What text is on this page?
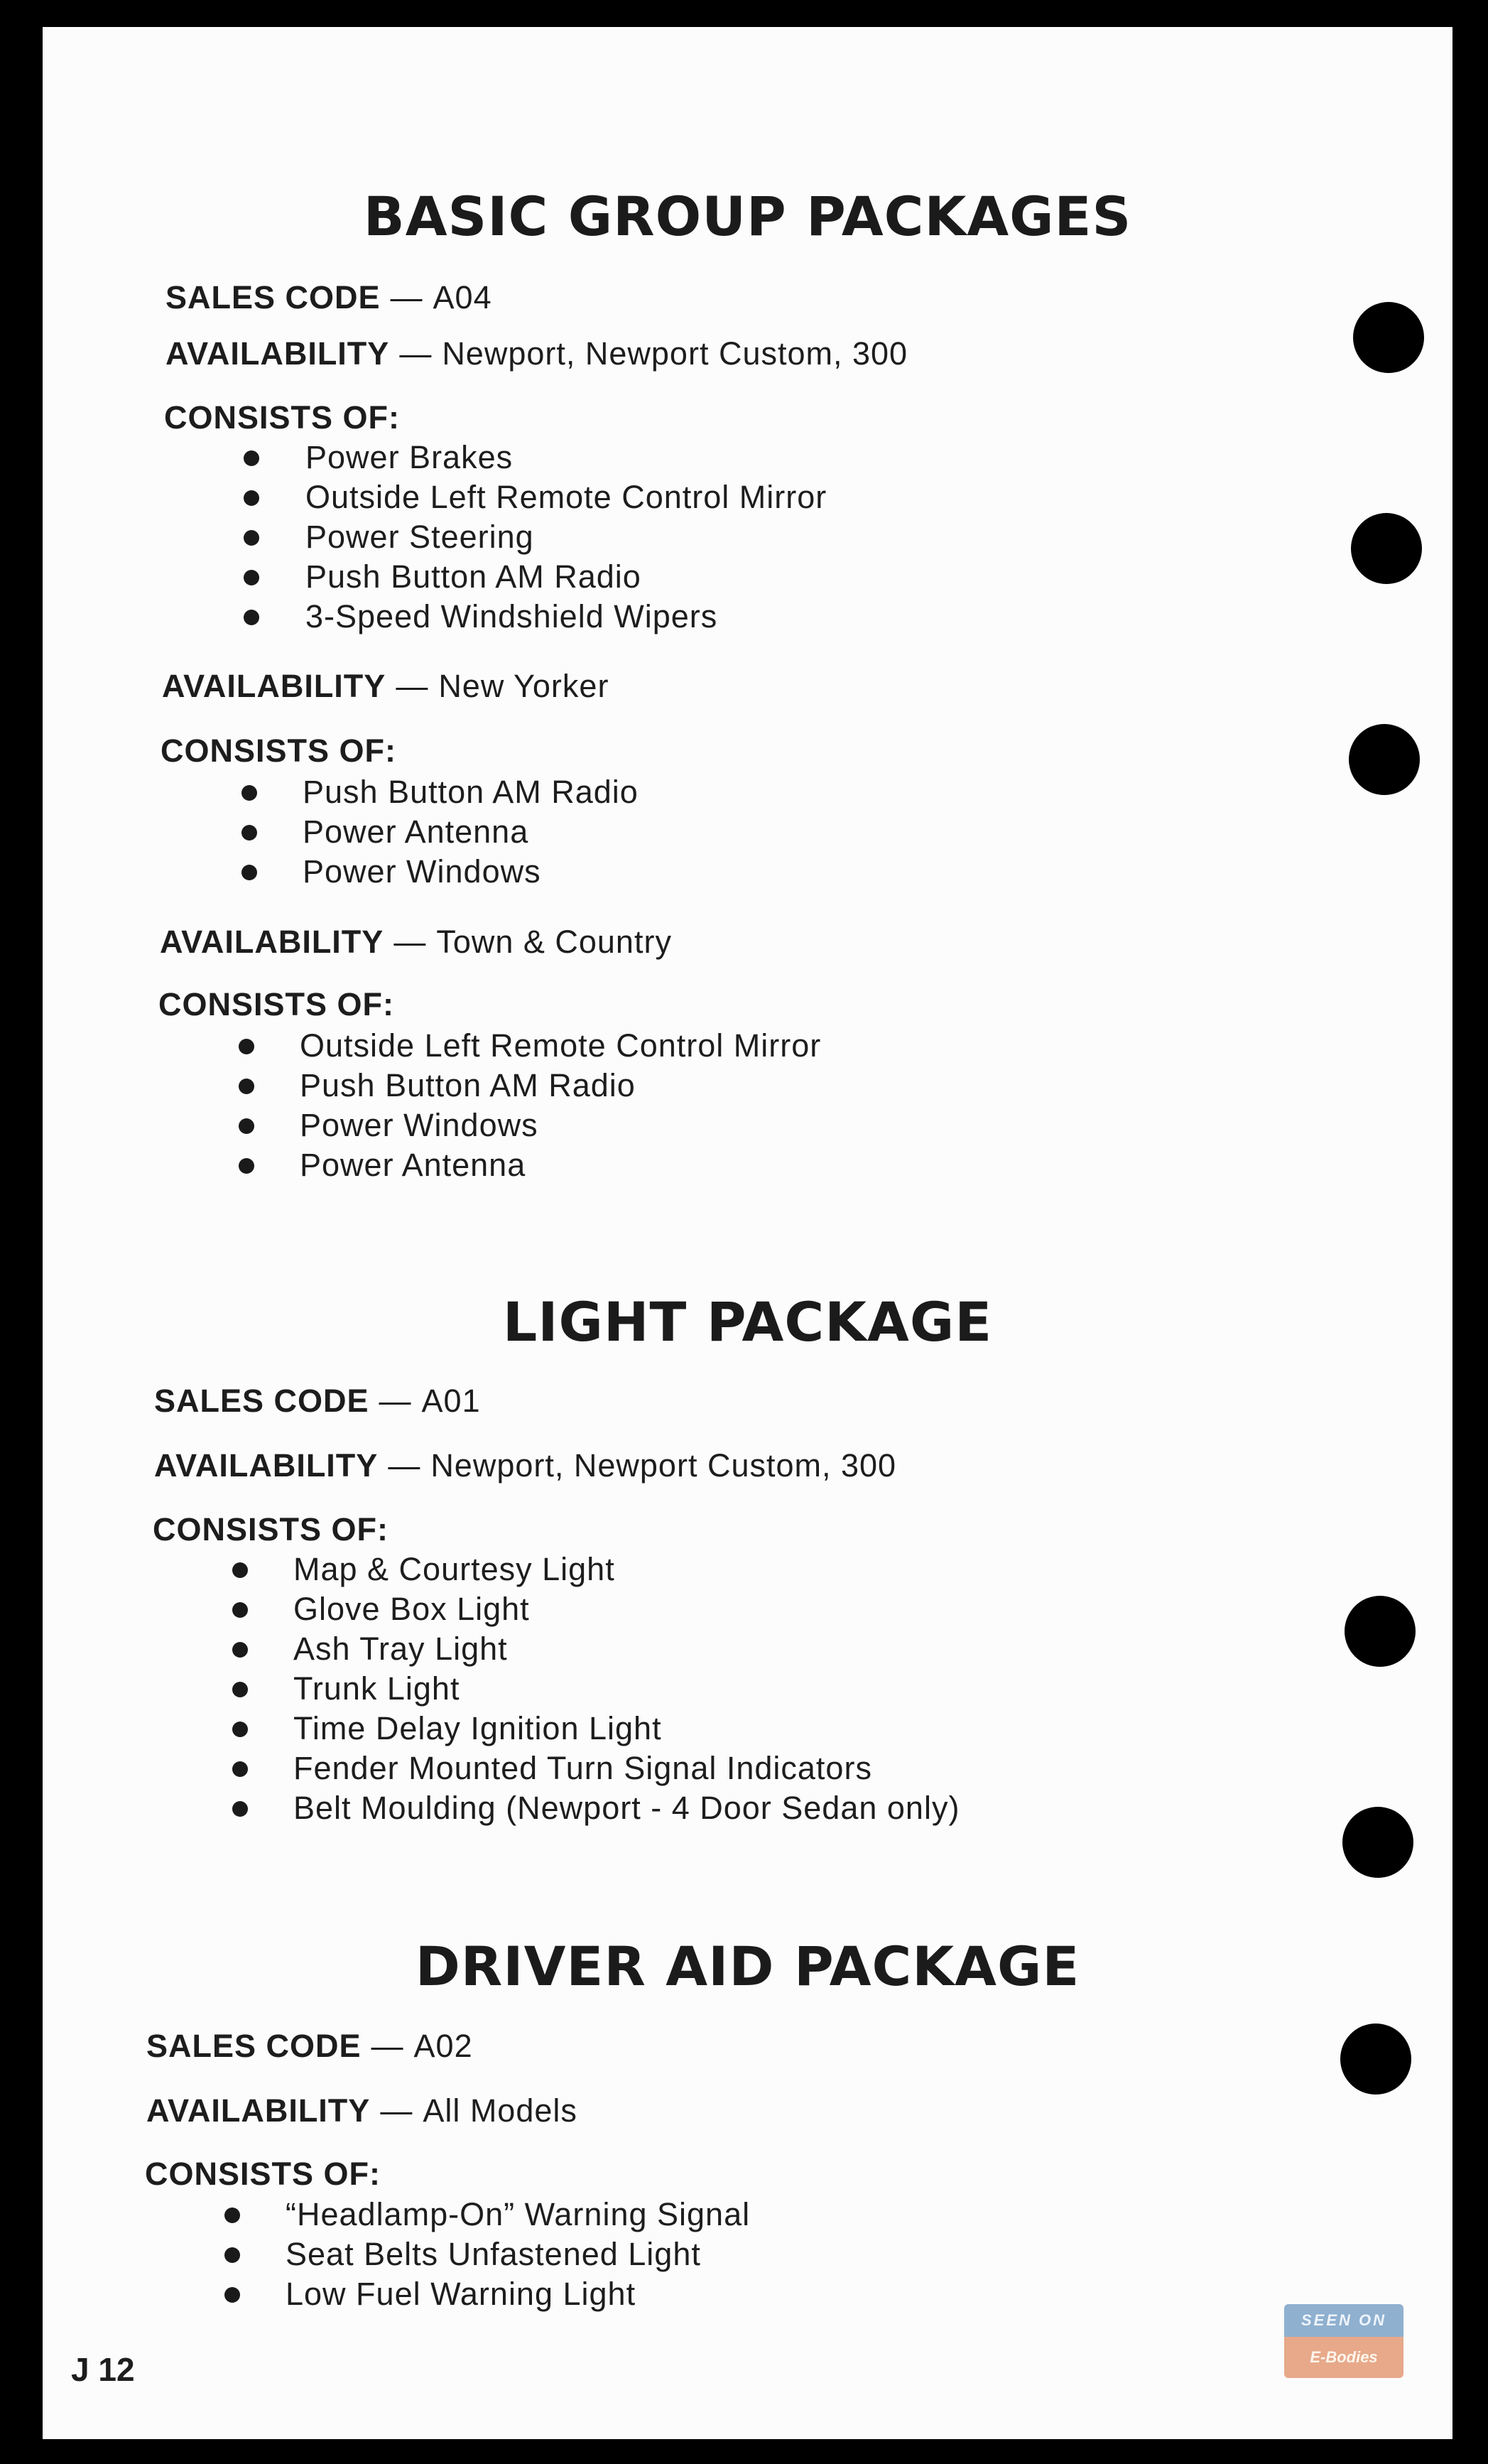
BASIC GROUP PACKAGES
SALES CODE — A04
AVAILABILITY — Newport, Newport Custom, 300
CONSISTS OF:
Power Brakes
Outside Left Remote Control Mirror
Power Steering
Push Button AM Radio
3-Speed Windshield Wipers
AVAILABILITY — New Yorker
CONSISTS OF:
Push Button AM Radio
Power Antenna
Power Windows
AVAILABILITY — Town & Country
CONSISTS OF:
Outside Left Remote Control Mirror
Push Button AM Radio
Power Windows
Power Antenna
LIGHT PACKAGE
SALES CODE — A01
AVAILABILITY — Newport, Newport Custom, 300
CONSISTS OF:
Map & Courtesy Light
Glove Box Light
Ash Tray Light
Trunk Light
Time Delay Ignition Light
Fender Mounted Turn Signal Indicators
Belt Moulding (Newport - 4 Door Sedan only)
DRIVER AID PACKAGE
SALES CODE — A02
AVAILABILITY — All Models
CONSISTS OF:
“Headlamp-On” Warning Signal
Seat Belts Unfastened Light
Low Fuel Warning Light
J 12
SEEN ON
E-Bodies
